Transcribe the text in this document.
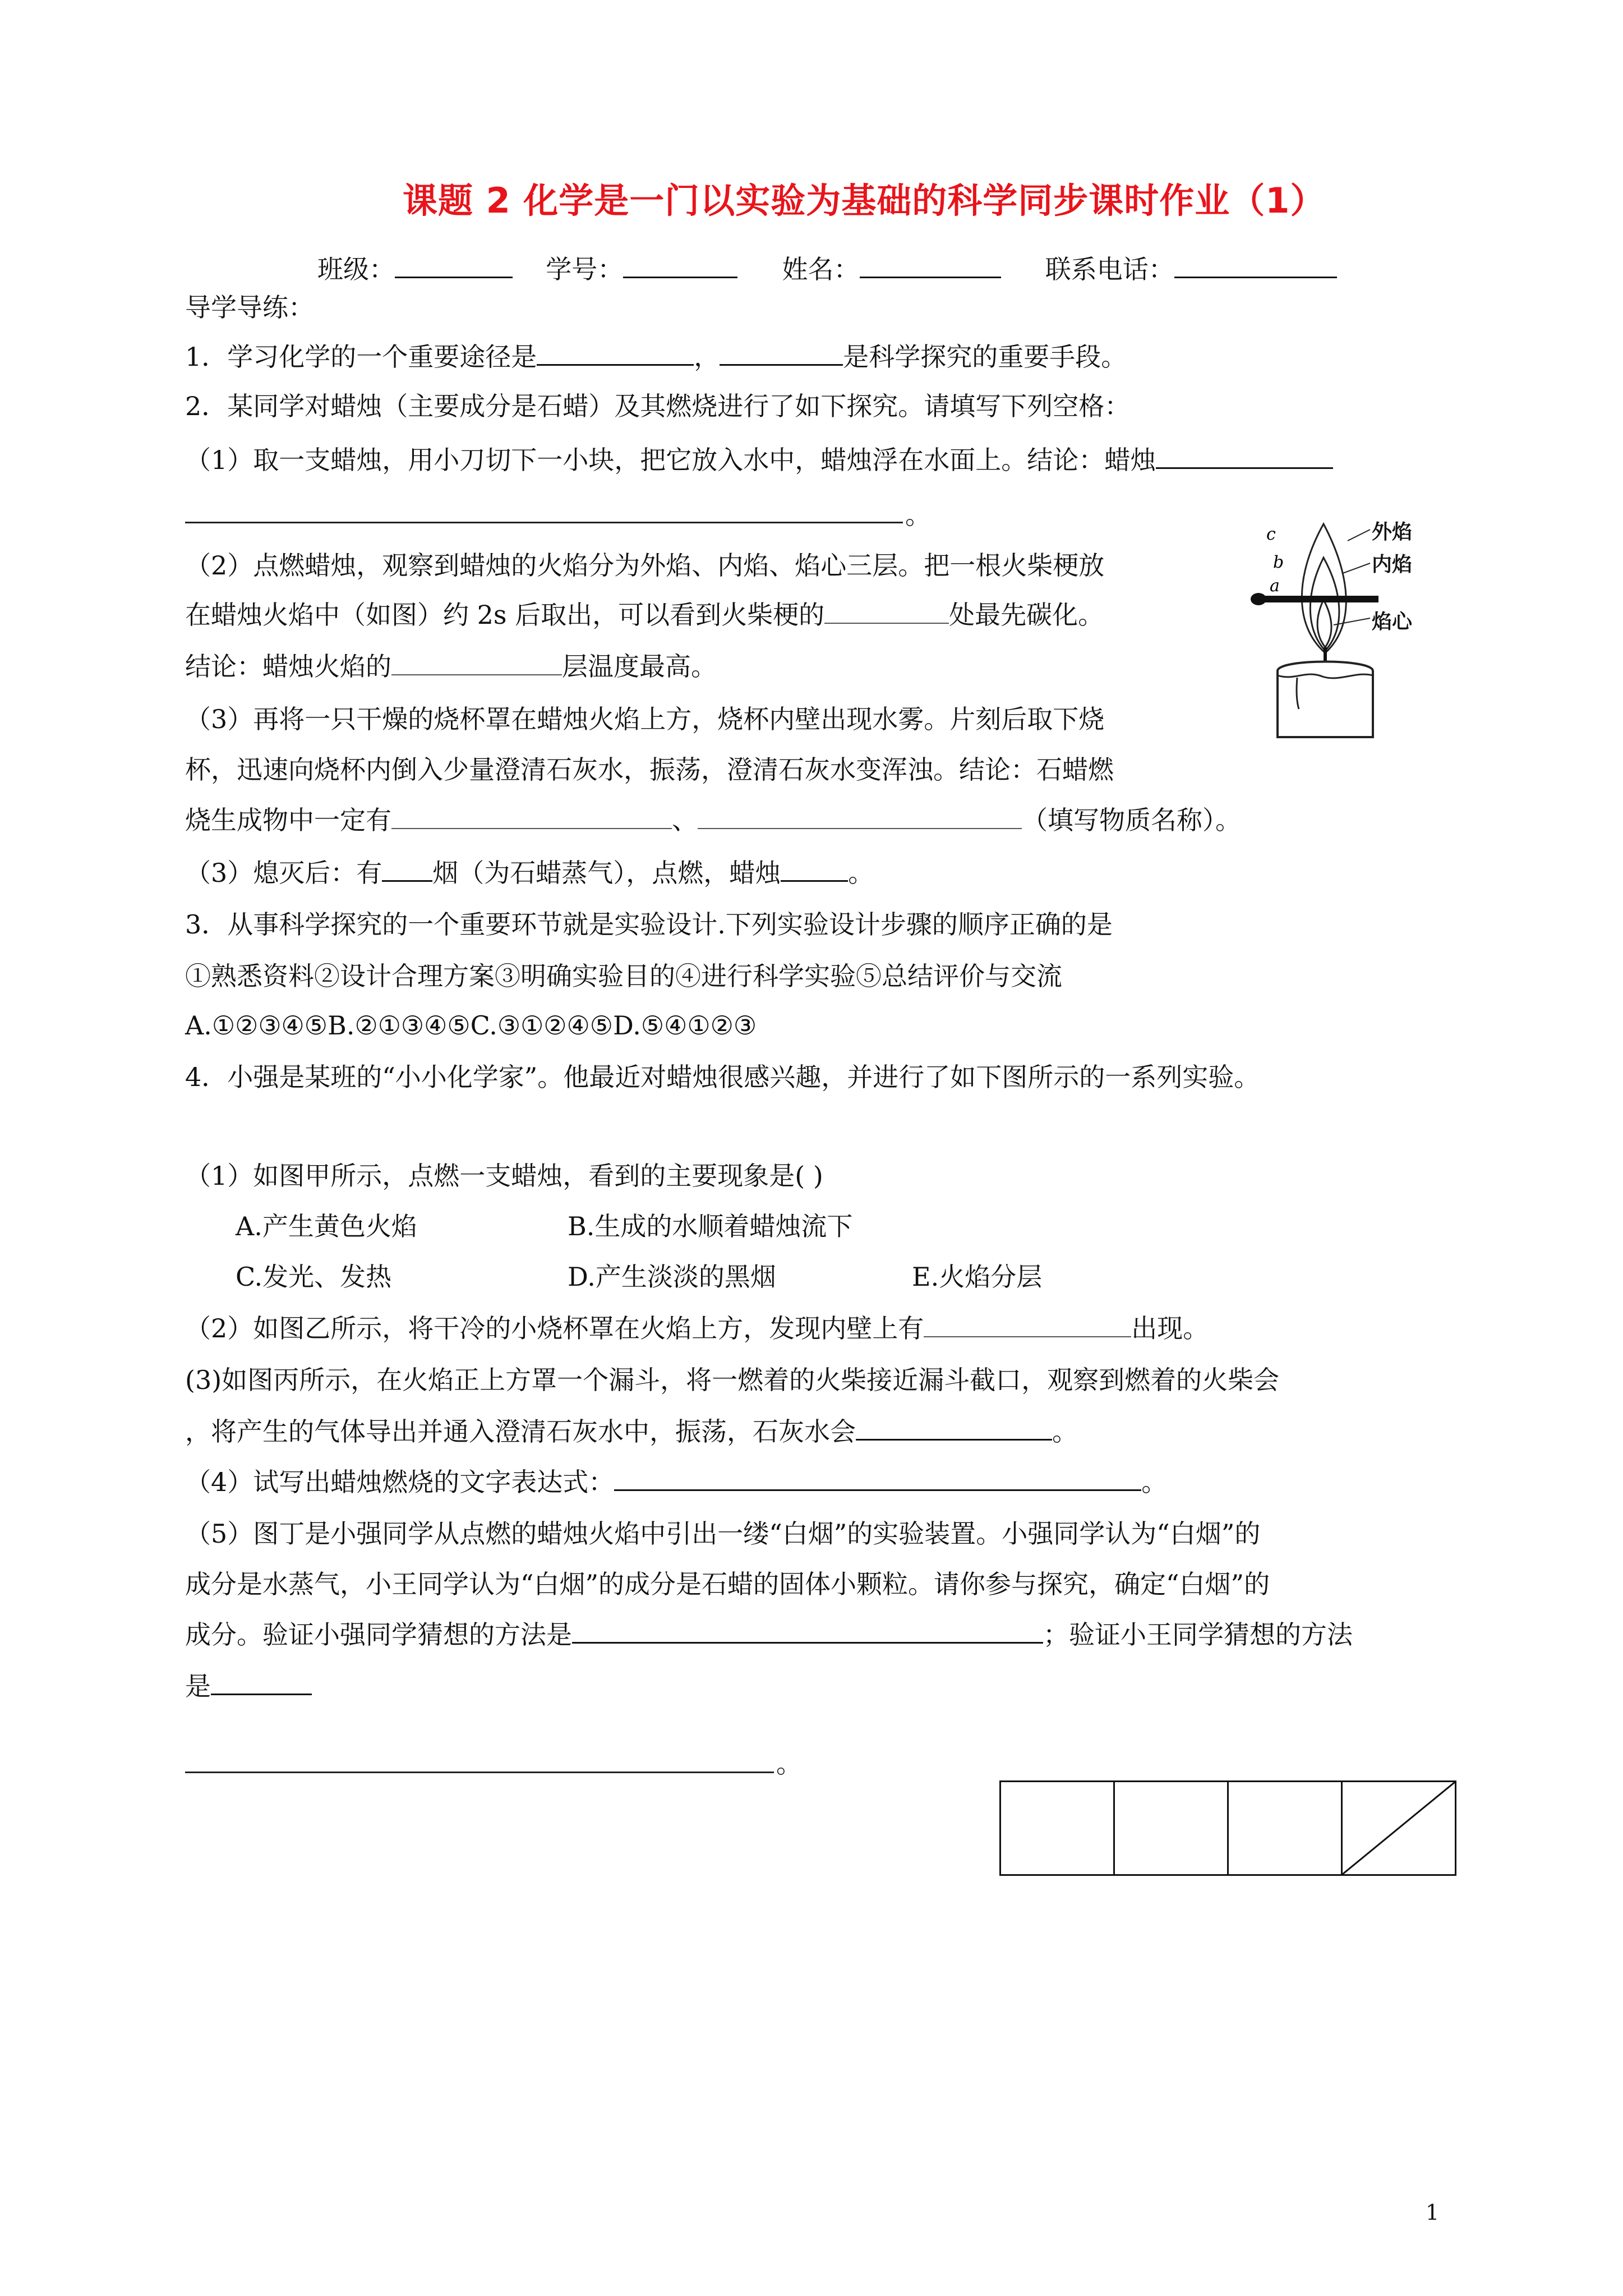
课题 2 化学是一门以实验为基础的科学同步课时作业（1）
班级：	学号：	姓名：	联系电话：
导学导练：
1．学习化学的一个重要途径是	，	是科学探究的重要手段。
2．某同学对蜡烛（主要成分是石蜡）及其燃烧进行了如下探究。请填写下列空格：
（1）取一支蜡烛，用小刀切下一小块，把它放入水中，蜡烛浮在水面上。结论：蜡烛
。
（2）点燃蜡烛，观察到蜡烛的火焰分为外焰、内焰、焰心三层。把一根火柴梗放
在蜡烛火焰中（如图）约 2s 后取出，可以看到火柴梗的	处最先碳化。
结论：蜡烛火焰的	层温度最高。
（3）再将一只干燥的烧杯罩在蜡烛火焰上方，烧杯内壁出现水雾。片刻后取下烧
杯，迅速向烧杯内倒入少量澄清石灰水，振荡，澄清石灰水变浑浊。结论：石蜡燃
烧生成物中一定有	、	（填写物质名称）。
（3）熄灭后：有 烟（为石蜡蒸气），点燃，蜡烛	。
c
b
a
外焰
内焰
焰心
3．从事科学探究的一个重要环节就是实验设计.下列实验设计步骤的顺序正确的是
①熟悉资料②设计合理方案③明确实验目的④进行科学实验⑤总结评价与交流
A.①②③④⑤B.②①③④⑤C.③①②④⑤D.⑤④①②③
4．小强是某班的“小小化学家”。他最近对蜡烛很感兴趣，并进行了如下图所示的一系列实验。
（1）如图甲所示，点燃一支蜡烛，看到的主要现象是( )
A.产生黄色火焰	B.生成的水顺着蜡烛流下
C.发光、发热	D.产生淡淡的黑烟	E.火焰分层
（2）如图乙所示，将干冷的小烧杯罩在火焰上方，发现内壁上有	出现。
(3)如图丙所示，在火焰正上方罩一个漏斗，将一燃着的火柴接近漏斗截口，观察到燃着的火柴会
，将产生的气体导出并通入澄清石灰水中，振荡，石灰水会	。
（4）试写出蜡烛燃烧的文字表达式：	。
（5）图丁是小强同学从点燃的蜡烛火焰中引出一缕“白烟”的实验装置。小强同学认为“白烟”的
成分是水蒸气，小王同学认为“白烟”的成分是石蜡的固体小颗粒。请你参与探究，确定“白烟”的
成分。验证小强同学猜想的方法是	；验证小王同学猜想的方法
是
。

1
